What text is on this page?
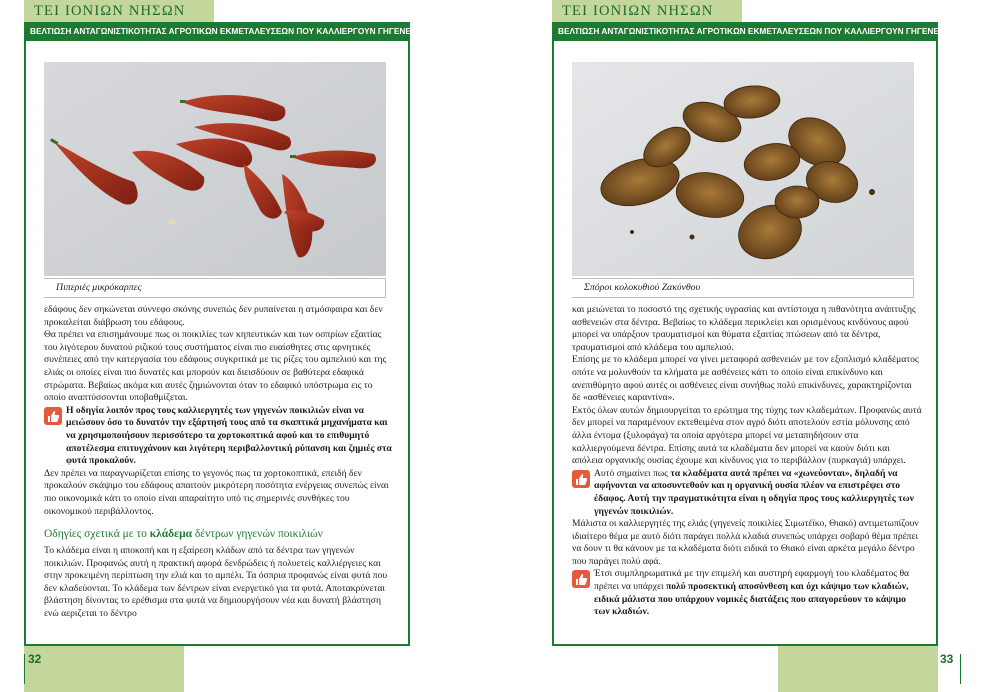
ΤΕΙ ΙΟΝΙΩΝ ΝΗΣΩΝ
ΒΕΛΤΙΩΣΗ ΑΝΤΑΓΩΝΙΣΤΙΚΟΤΗΤΑΣ ΑΓΡΟΤΙΚΩΝ ΕΚΜΕΤΑΛΕΥΣΕΩΝ ΠΟΥ ΚΑΛΛΙΕΡΓΟΥΝ ΓΗΓΕΝΕΙΣ ΠΟΙΚΙΛΙΕΣ
Πιπεριές μικρόκαρπες

εδάφους δεν σηκώνεται σύννεφο σκόνης συνεπώς δεν ρυπαίνεται η ατμόσφαιρα και δεν προκαλείται διάβρωση του εδάφους.

Θα πρέπει να επισημάνουμε πως οι ποικιλίες των κηπευτικών και των οσπρίων εξαιτίας του λιγότερου δυνατού ριζικού τους συστήματος είναι πιο ευαίσθητες στις αρνητικές συνέπειες από την κατεργασία του εδάφους συγκριτικά με τις ρίζες του αμπελιού και της ελιάς οι οποίες είναι πιο δυνατές και μπορούν και διεισδύουν σε βαθύτερα εδαφικά στρώματα. Βεβαίως ακόμα και αυτές ζημιώνονται όταν το εδαφικό υπόστρωμα εις το οποίο αναπτύσσονται υποβαθμίζεται.

Η οδηγία λοιπόν προς τους καλλιεργητές των γηγενών ποικιλιών είναι να μειώσουν όσο το δυνατόν την εξάρτησή τους από τα σκαπτικά μηχανήματα και να χρησιμοποιήσουν περισσότερο τα χορτοκοπτικά αφού και το επιθυμητό αποτέλεσμα επιτυγχάνουν και λιγότερη περιβαλλοντική ρύπανση και ζημιές στα φυτά προκαλούν.

Δεν πρέπει να παραγνωρίζεται επίσης το γεγονός πως τα χορτοκοπτικά, επειδή δεν προκαλούν σκάψιμο του εδάφους απαιτούν μικρότερη ποσότητα ενέργειας συνεπώς είναι πιο οικονομικά κάτι το οποίο είναι απαραίτητο υπό τις σημερινές συνθήκες του οικονομικού περιβάλλοντος.

Οδηγίες σχετικά με το κλάδεμα δέντρων γηγενών ποικιλιών

Το κλάδεμα είναι η αποκοπή και η εξαίρεση κλάδων από τα δέντρα των γηγενών ποικιλιών. Προφανώς αυτή η πρακτική αφορά δενδρώδεις ή πολυετείς καλλιέργειες και στην προκειμένη περίπτωση την ελιά και το αμπέλι. Τα όσπρια προφανώς είναι φυτά που δεν κλαδεύονται. Το κλάδεμα των δέντρων είναι ενεργετικό για τα φυτά. Αποτακρύνεται βλάστηση δίνοντας το ερέθισμα στα φυτά να δημιουργήσουν νέα και δυνατή βλάστηση ενώ αεριζεται το δέντρο

32
ΤΕΙ ΙΟΝΙΩΝ ΝΗΣΩΝ
ΒΕΛΤΙΩΣΗ ΑΝΤΑΓΩΝΙΣΤΙΚΟΤΗΤΑΣ ΑΓΡΟΤΙΚΩΝ ΕΚΜΕΤΑΛΕΥΣΕΩΝ ΠΟΥ ΚΑΛΛΙΕΡΓΟΥΝ ΓΗΓΕΝΕΙΣ ΠΟΙΚΙΛΙΕΣ
Σπόροι κολοκυθιού Ζακύνθου

και μειώνεται το ποσοστό της σχετικής υγρασίας και αντίστοιχα η πιθανότητα ανάπτυξης ασθενειών στα δέντρα. Βεβαίως το κλάδεμα περικλείει και ορισμένους κινδύνους αφού μπορεί να υπάρξουν τραυματισμοί και θύματα εξαιτίας πτώσεων από τα δέντρα, τραυματισμοί από κλάδεμα του αμπελιού.

Επίσης με το κλάδεμα μπορεί να γίνει μεταφορά ασθενειών με τον εξοπλισμό κλαδέματος οπότε να μολυνθούν τα κλήματα με ασθένειες κάτι το οποίο είναι επικίνδυνο και ανεπιθύμητο αφού αυτές οι ασθένειες είναι συνήθως πολύ επικίνδυνες, χαρακτηρίζονται δε «ασθένειες καραντίνα».

Εκτός όλων αυτών δημιουργείται το ερώτημα της τύχης των κλαδεμάτων. Προφανώς αυτά δεν μπορεί να παραμένουν εκτεθειμένα στον αγρό διότι αποτελούν εστία μόλυνσης από άλλα έντομα (ξυλοφάγα) τα οποία αργότερα μπορεί να μεταπηδήσουν στα καλλιεργούμενα δέντρα. Επίσης αυτά τα κλαδέματα δεν μπορεί να καούν διότι και απόλεια οργανικής ουσίας έχουμε και κίνδυνος για το περιβάλλον (πυρκαγιά) υπάρχει.

Αυτό σημαίνει πως τα κλαδέματα αυτά πρέπει να «χωνεύονται», δηλαδή να αφήνονται να αποσυντεθούν και η οργανική ουσία πλέον να επιστρέψει στο έδαφος. Αυτή την πραγματικότητα είναι η οδηγία προς τους καλλιεργητές των γηγενών ποικιλιών.

Μάλιστα οι καλλιεργητές της ελιάς (γηγενείς ποικιλίες Σιμωτέϊκο, Θιακό) αντιμετωπίζουν ιδιαίτερο θέμα με αυτό διότι παράγει πολλά κλαδιά συνεπώς υπάρχει σοβαρό θέμα πρέπει να δουν τι θα κάνουν με τα κλαδέματα διότι ειδικά το Θιακό είναι αρκέτα μεγάλο δέντρο που παράγει πολύ αφά.

Έτσι συμπληρωματικά με την επιμελή και αυστηρή εφαρμογή του κλαδέματος θα πρέπει να υπάρχει πολύ προσεκτική αποσύνθεση και όχι κάψιμο των κλαδιών, ειδικά μάλιστα που υπάρχουν νομικές διατάξεις που απαγορεύουν το κάψιμο των κλαδιών.
33
